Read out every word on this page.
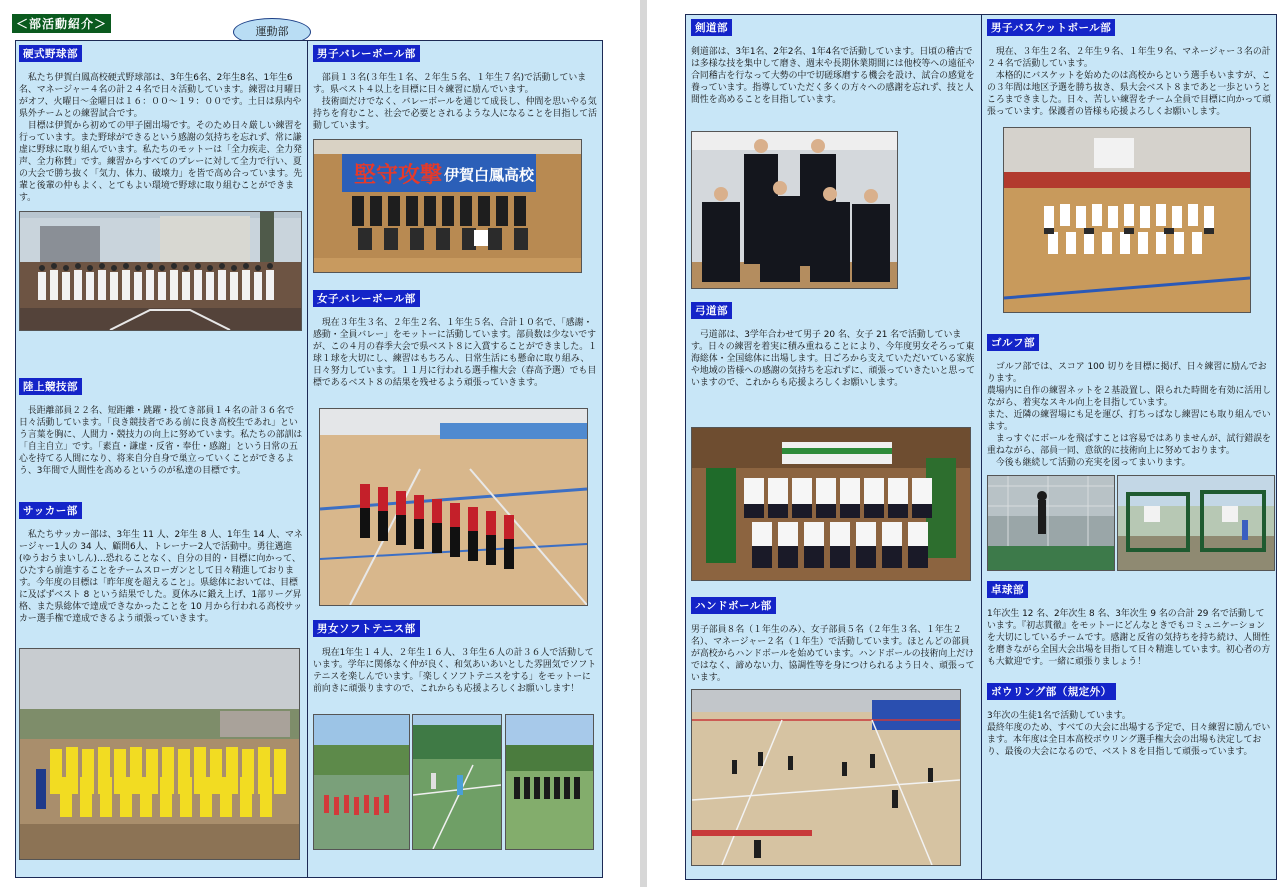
＜部活動紹介＞
運動部
硬式野球部
　私たち伊賀白鳳高校硬式野球部は、3年生6名、2年生8名、1年生6名、マネージャー４名の計２４名で日々活動しています。練習は月曜日がオフ、火曜日～金曜日は１６：００～１９：００です。土日は県内や県外チームとの練習試合です。
　目標は伊賀から初めての甲子園出場です。そのため日々厳しい練習を行っています。また野球ができるという感謝の気持ちを忘れず、常に謙虚に野球に取り組んでいます。私たちのモットーは「全力疾走、全力発声、全力称賛」です。練習からすべてのプレーに対して全力で行い、夏の大会で勝ち抜く「気力、体力、破壊力」を皆で高め合っています。先輩と後輩の仲もよく、とてもよい環境で野球に取り組むことができます。
陸上競技部
　長距離部員２２名、短距離・跳躍・投てき部員１４名の計３６名で日々活動しています。「良き競技者である前に良き高校生であれ」という言葉を胸に、人間力・競技力の向上に努めています。私たちの部訓は「自主自立」です。「素直・謙虚・反省・奉仕・感謝」という日常の五心を持てる人間になり、将来自分自身で巣立っていくことができるよう、3年間で人間性を高めるというのが私達の目標です。
サッカー部
　私たちサッカー部は、3年生 11 人、2年生 8 人、1年生 14 人、マネージャー1人の 34 人、顧問6人、トレーナー2人で活動中。勇往邁進(ゆうおうまいしん)…恐れることなく、自分の目的・目標に向かって、ひたすら前進することをチームスローガンとして日々精進しております。今年度の目標は「昨年度を超えること」。県総体においては、目標に及ばずベスト 8 という結果でした。夏休みに鍛え上げ、1部リーグ昇格、また県総体で達成できなかったことを 10 月から行われる高校サッカー選手権で達成できるよう頑張っていきます。
男子バレーボール部
　部員１３名(３年生１名、２年生５名、１年生７名)で活動しています。県ベスト４以上を目標に日々練習に励んでいます。
　技術面だけでなく、バレーボールを通じて成長し、仲間を思いやる気持ちを育むこと、社会で必要とされるような人になることを目指して活動しています。
堅守攻撃 伊賀白鳳高校
女子バレーボール部
　現在３年生３名、２年生２名、１年生５名、合計１０名で、「感謝・感動・全員バレー」をモットーに活動しています。部員数は少ないですが、この４月の春季大会で県ベスト８に入賞することができました。１球１球を大切にし、練習はもちろん、日常生活にも懸命に取り組み、日々努力しています。１１月に行われる選手権大会（春高予選）でも目標であるベスト８の結果を残せるよう頑張っていきます。
男女ソフトテニス部
　現在1年生１４人、２年生１６人、３年生６人の計３６人で活動しています。学年に関係なく仲が良く、和気あいあいとした雰囲気でソフトテニスを楽しんでいます。「楽しくソフトテニスをする」をモットーに前向きに頑張りますので、これからも応援よろしくお願いします！
剣道部
剣道部は、3年1名、2年2名、1年4名で活動しています。日頃の稽古では多様な技を集中して磨き、週末や長期休業期間には他校等への遠征や合同稽古を行なって大勢の中で切磋琢磨する機会を設け、試合の感覚を養っています。指導していただく多くの方々への感謝を忘れず、技と人間性を高めることを目指しています。
弓道部
　弓道部は、3学年合わせて男子 20 名、女子 21 名で活動しています。日々の練習を着実に積み重ねることにより、今年度男女そろって東海総体・全国総体に出場します。日ごろから支えていただいている家族や地域の皆様への感謝の気持ちを忘れずに、頑張っていきたいと思っていますので、これからも応援よろしくお願いします。
ハンドボール部
男子部員８名（１年生のみ）、女子部員５名（２年生３名、１年生２名）、マネージャー２名（１年生）で活動しています。ほとんどの部員が高校からハンドボールを始めています。ハンドボールの技術向上だけではなく、諦めない力、協調性等を身につけられるよう日々、頑張っています。
男子バスケットボール部
　現在、３年生２名、２年生９名、１年生９名、マネージャー３名の計２４名で活動しています。
　本格的にバスケットを始めたのは高校からという選手もいますが、この３年間は地区予選を勝ち抜き、県大会ベスト８まであと一歩というところまできました。日々、苦しい練習をチーム全員で目標に向かって頑張っています。保護者の皆様も応援よろしくお願いします。
ゴルフ部
　ゴルフ部では、スコア 100 切りを目標に掲げ、日々練習に励んでおります。
農場内に自作の練習ネットを２基設置し、限られた時間を有効に活用しながら、着実なスキル向上を目指しています。
また、近隣の練習場にも足を運び、打ちっぱなし練習にも取り組んでいます。
　まっすぐにボールを飛ばすことは容易ではありませんが、試行錯誤を重ねながら、部員一同、意欲的に技術向上に努めております。
　今後も継続して活動の充実を図ってまいります。
卓球部
1年次生 12 名、2年次生 8 名、3年次生 9 名の合計 29 名で活動しています。『初志貫徹』をモットーにどんなときでもコミュニケーションを大切にしているチームです。感謝と反省の気持ちを持ち続け、人間性を磨きながら全国大会出場を目指して日々精進しています。初心者の方も大歓迎です。一緒に頑張りましょう！
ボウリング部（規定外）
3年次の生徒1名で活動しています。
最終年度のため、すべての大会に出場する予定で、日々練習に励んでいます。本年度は全日本高校ボウリング選手権大会の出場も決定しており、最後の大会になるので、ベスト８を目指して頑張っています。
